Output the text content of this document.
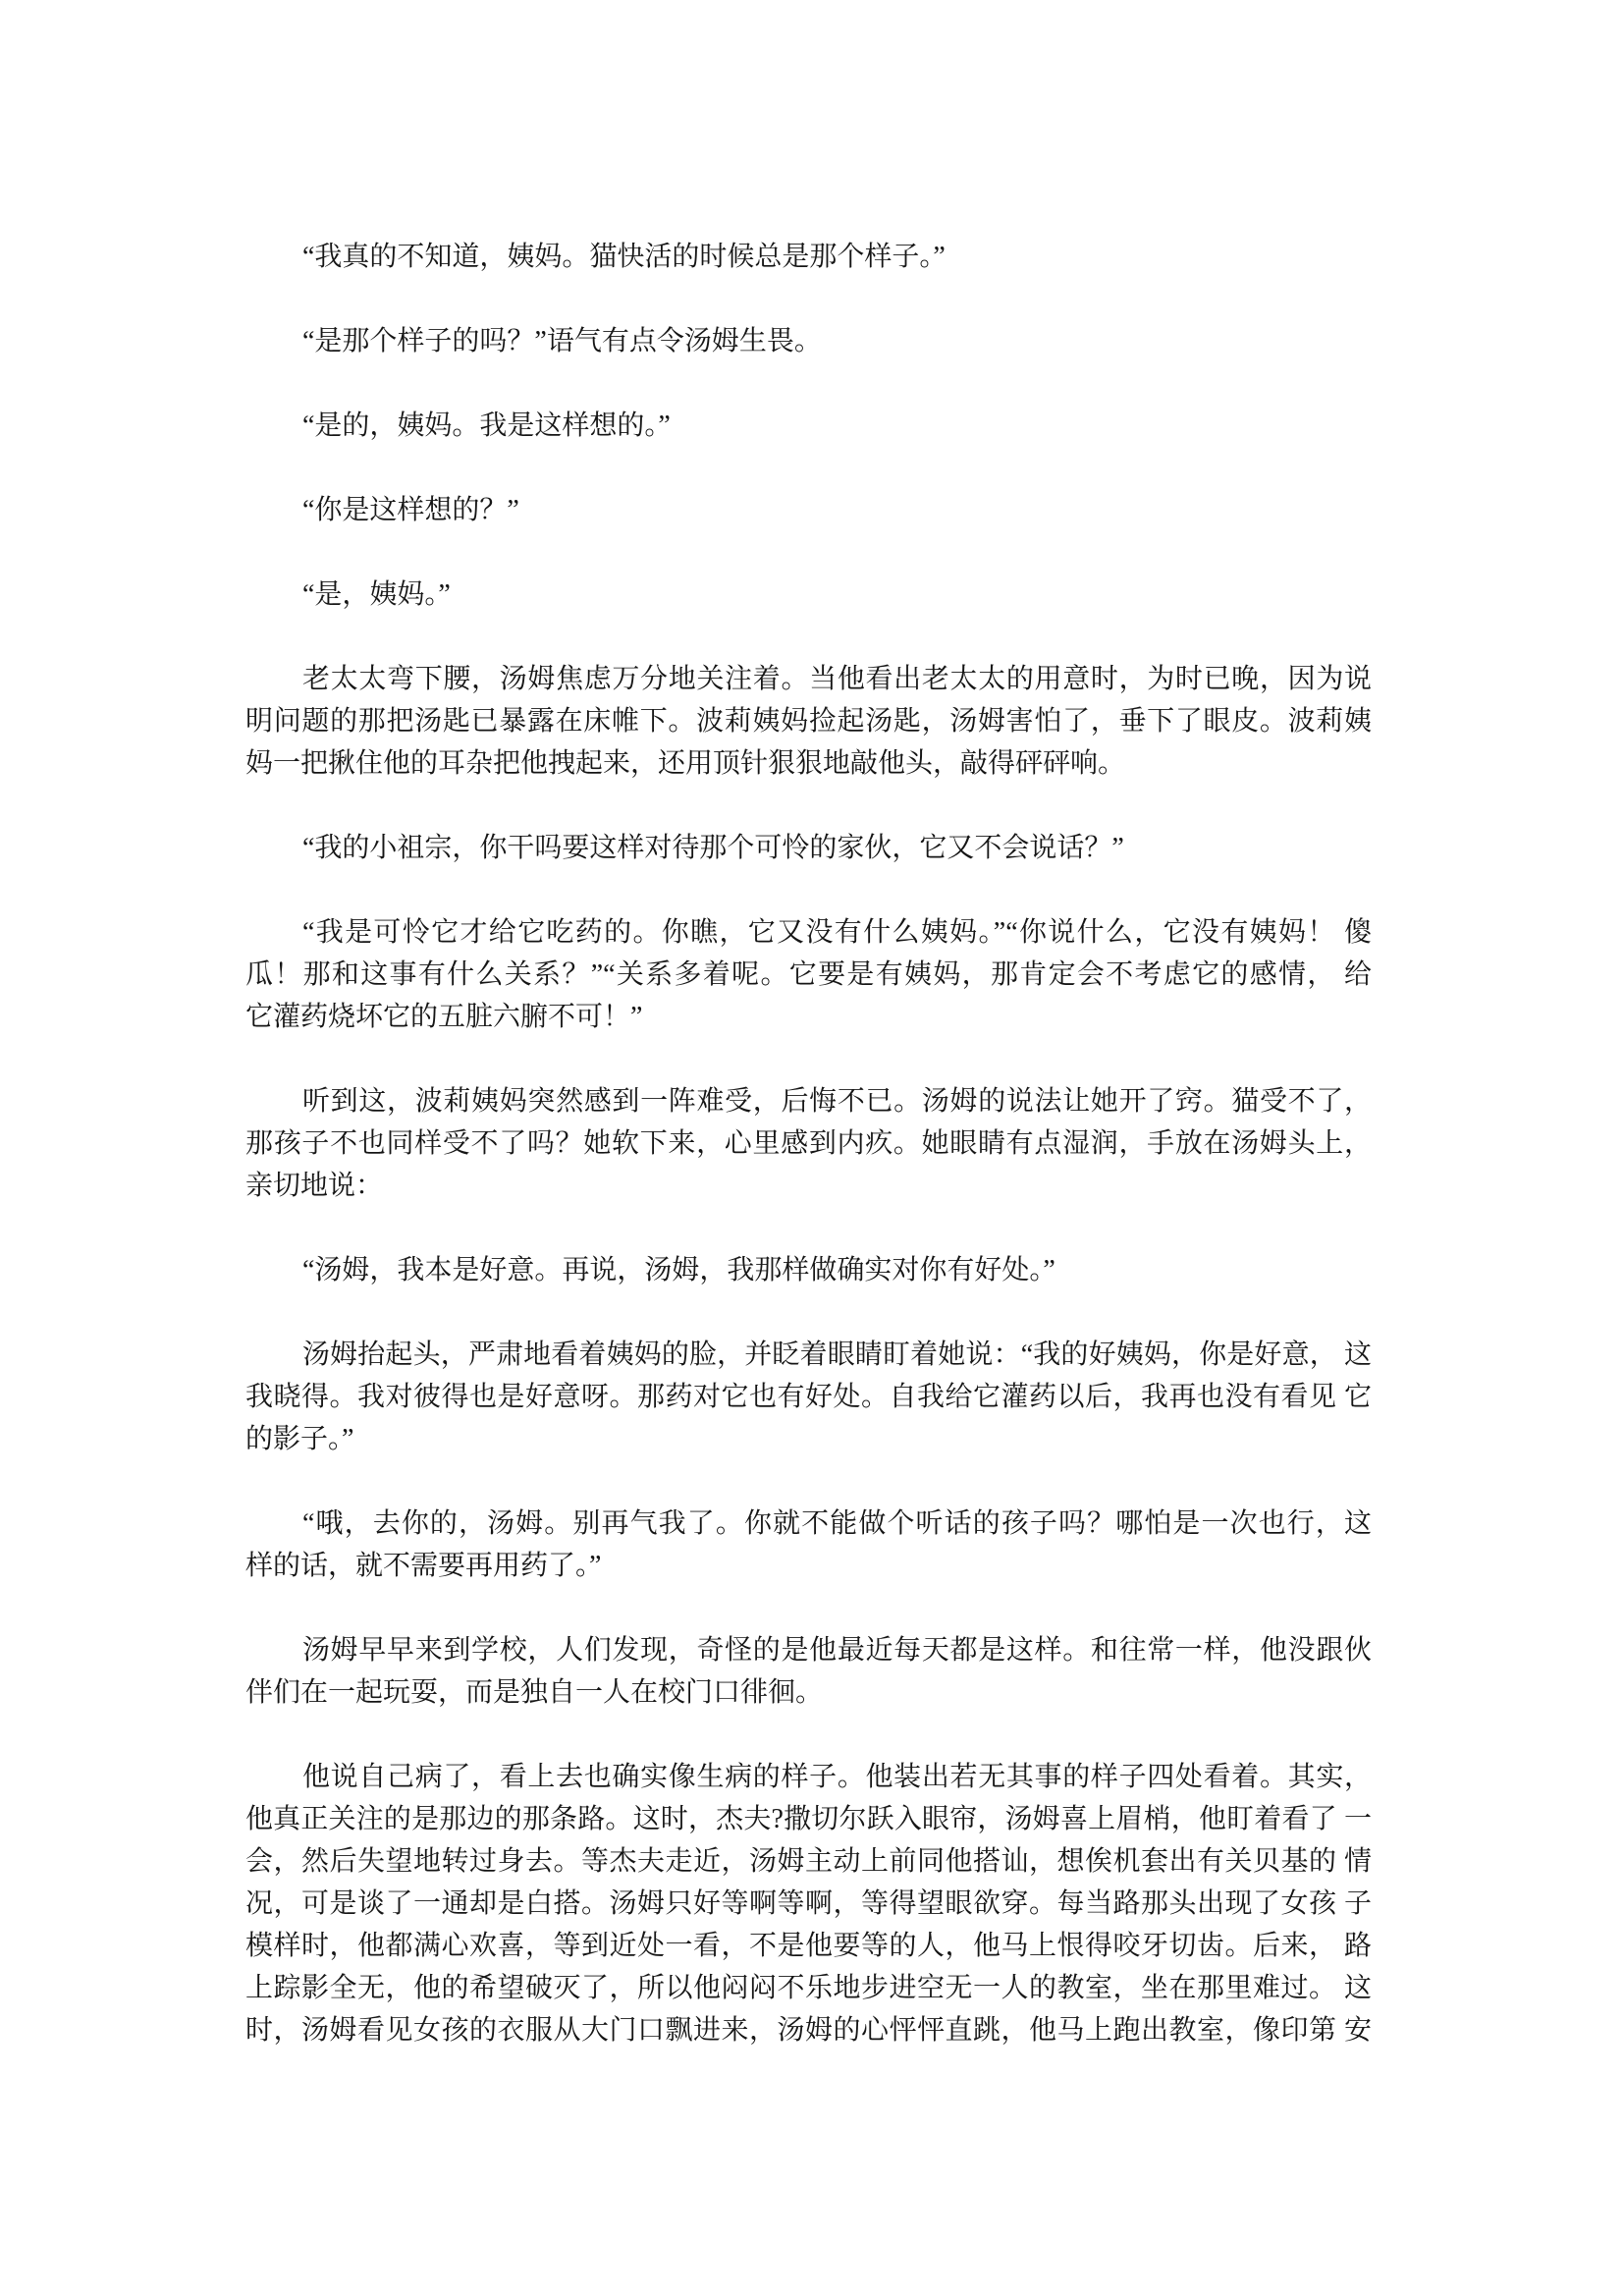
“我真的不知道，姨妈。猫快活的时候总是那个样子。”
“是那个样子的吗？”语气有点令汤姆生畏。
“是的，姨妈。我是这样想的。”
“你是这样想的？”
“是，姨妈。”
老太太弯下腰，汤姆焦虑万分地关注着。当他看出老太太的用意时，为时已晚，因为说
明问题的那把汤匙已暴露在床帷下。波莉姨妈捡起汤匙，汤姆害怕了，垂下了眼皮。波莉姨
妈一把揪住他的耳杂把他拽起来，还用顶针狠狠地敲他头，敲得砰砰响。
“我的小祖宗，你干吗要这样对待那个可怜的家伙，它又不会说话？”
“我是可怜它才给它吃药的。你瞧，它又没有什么姨妈。”“你说什么，它没有姨妈！ 傻
瓜！那和这事有什么关系？”“关系多着呢。它要是有姨妈，那肯定会不考虑它的感情， 给
它灌药烧坏它的五脏六腑不可！”
听到这，波莉姨妈突然感到一阵难受，后悔不已。汤姆的说法让她开了窍。猫受不了，
那孩子不也同样受不了吗？她软下来，心里感到内疚。她眼睛有点湿润，手放在汤姆头上，
亲切地说：
“汤姆，我本是好意。再说，汤姆，我那样做确实对你有好处。”
汤姆抬起头，严肃地看着姨妈的脸，并眨着眼睛盯着她说：“我的好姨妈，你是好意， 这
我晓得。我对彼得也是好意呀。那药对它也有好处。自我给它灌药以后，我再也没有看见 它
的影子。”
“哦，去你的，汤姆。别再气我了。你就不能做个听话的孩子吗？哪怕是一次也行，这
样的话，就不需要再用药了。”
汤姆早早来到学校，人们发现，奇怪的是他最近每天都是这样。和往常一样，他没跟伙
伴们在一起玩耍，而是独自一人在校门口徘徊。
他说自己病了，看上去也确实像生病的样子。他装出若无其事的样子四处看着。其实，
他真正关注的是那边的那条路。这时，杰夫?撒切尔跃入眼帘，汤姆喜上眉梢，他盯着看了 一
会，然后失望地转过身去。等杰夫走近，汤姆主动上前同他搭讪，想俟机套出有关贝基的 情
况，可是谈了一通却是白搭。汤姆只好等啊等啊，等得望眼欲穿。每当路那头出现了女孩 子
模样时，他都满心欢喜，等到近处一看，不是他要等的人，他马上恨得咬牙切齿。后来， 路
上踪影全无，他的希望破灭了，所以他闷闷不乐地步进空无一人的教室，坐在那里难过。 这
时，汤姆看见女孩的衣服从大门口飘进来，汤姆的心怦怦直跳，他马上跑出教室，像印第 安
